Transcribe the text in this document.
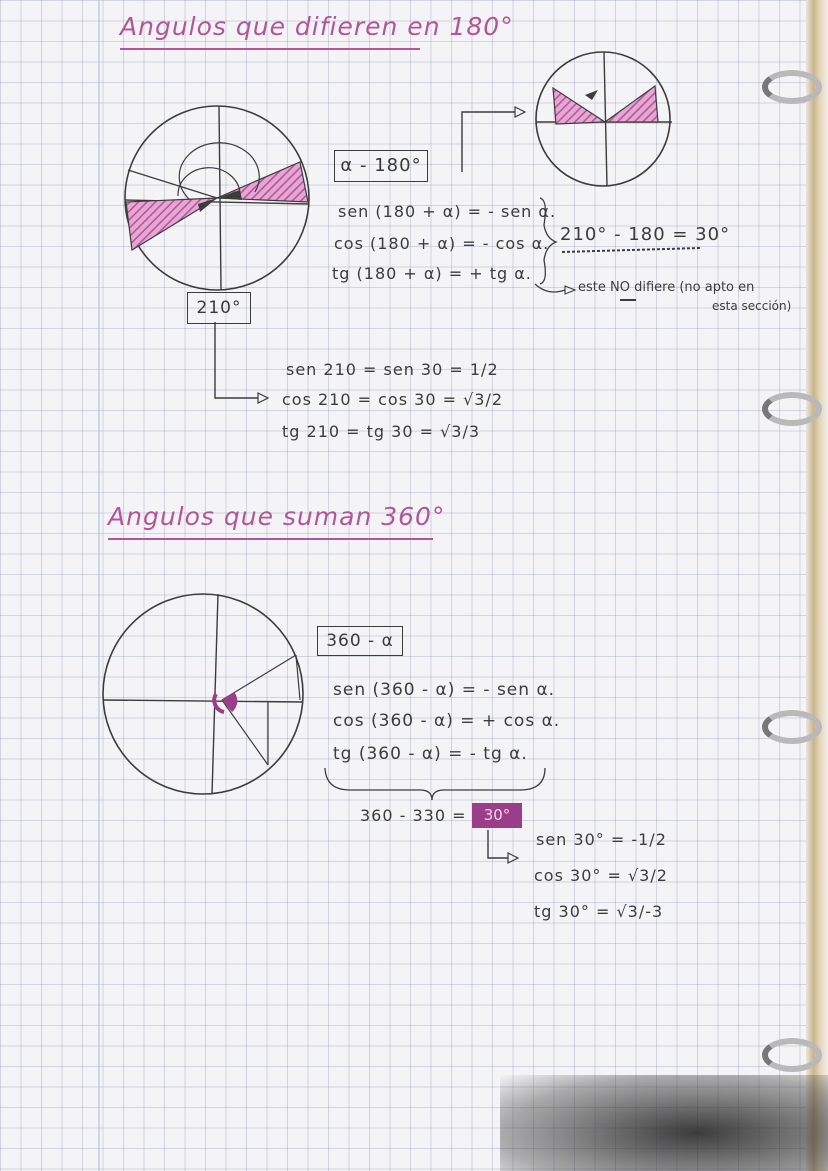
Angulos que difieren en 180°
α - 180°
sen (180 + α) = - sen α.
cos (180 + α) = - cos α.
tg (180 + α) = + tg α.
210° - 180 = 30°
este NO difiere (no apto en
esta sección)
210°
sen 210 = sen 30 = 1/2
cos 210 = cos 30 = √3/2
tg 210 = tg 30 = √3/3
Angulos que suman 360°
360 - α
sen (360 - α) = - sen α.
cos (360 - α) = + cos α.
tg (360 - α) = - tg α.
360 - 330 =	30°
sen 30° = -1/2
cos 30° = √3/2
tg 30° = √3/-3
